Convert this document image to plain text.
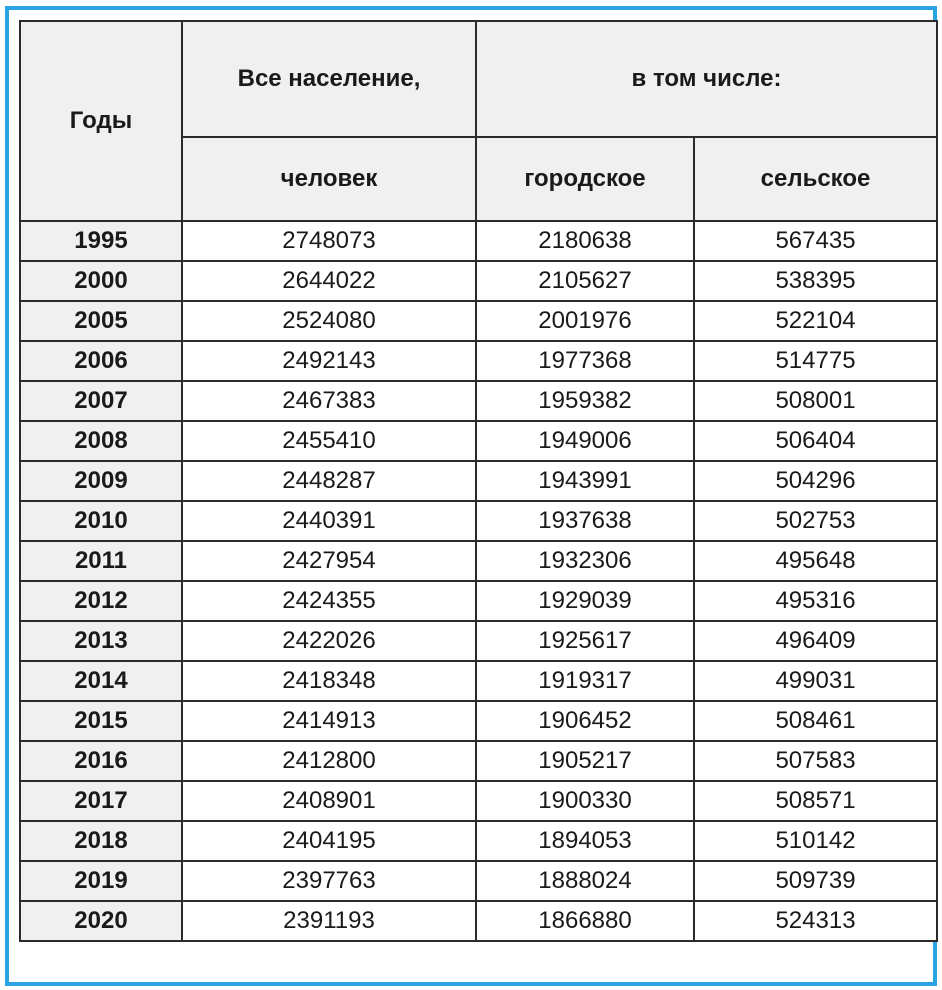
Годы	Все население,	в том числе:	
	человек	городское	сельское
1995	2748073	2180638	567435
2000	2644022	2105627	538395
2005	2524080	2001976	522104
2006	2492143	1977368	514775
2007	2467383	1959382	508001
2008	2455410	1949006	506404
2009	2448287	1943991	504296
2010	2440391	1937638	502753
2011	2427954	1932306	495648
2012	2424355	1929039	495316
2013	2422026	1925617	496409
2014	2418348	1919317	499031
2015	2414913	1906452	508461
2016	2412800	1905217	507583
2017	2408901	1900330	508571
2018	2404195	1894053	510142
2019	2397763	1888024	509739
2020	2391193	1866880	524313
